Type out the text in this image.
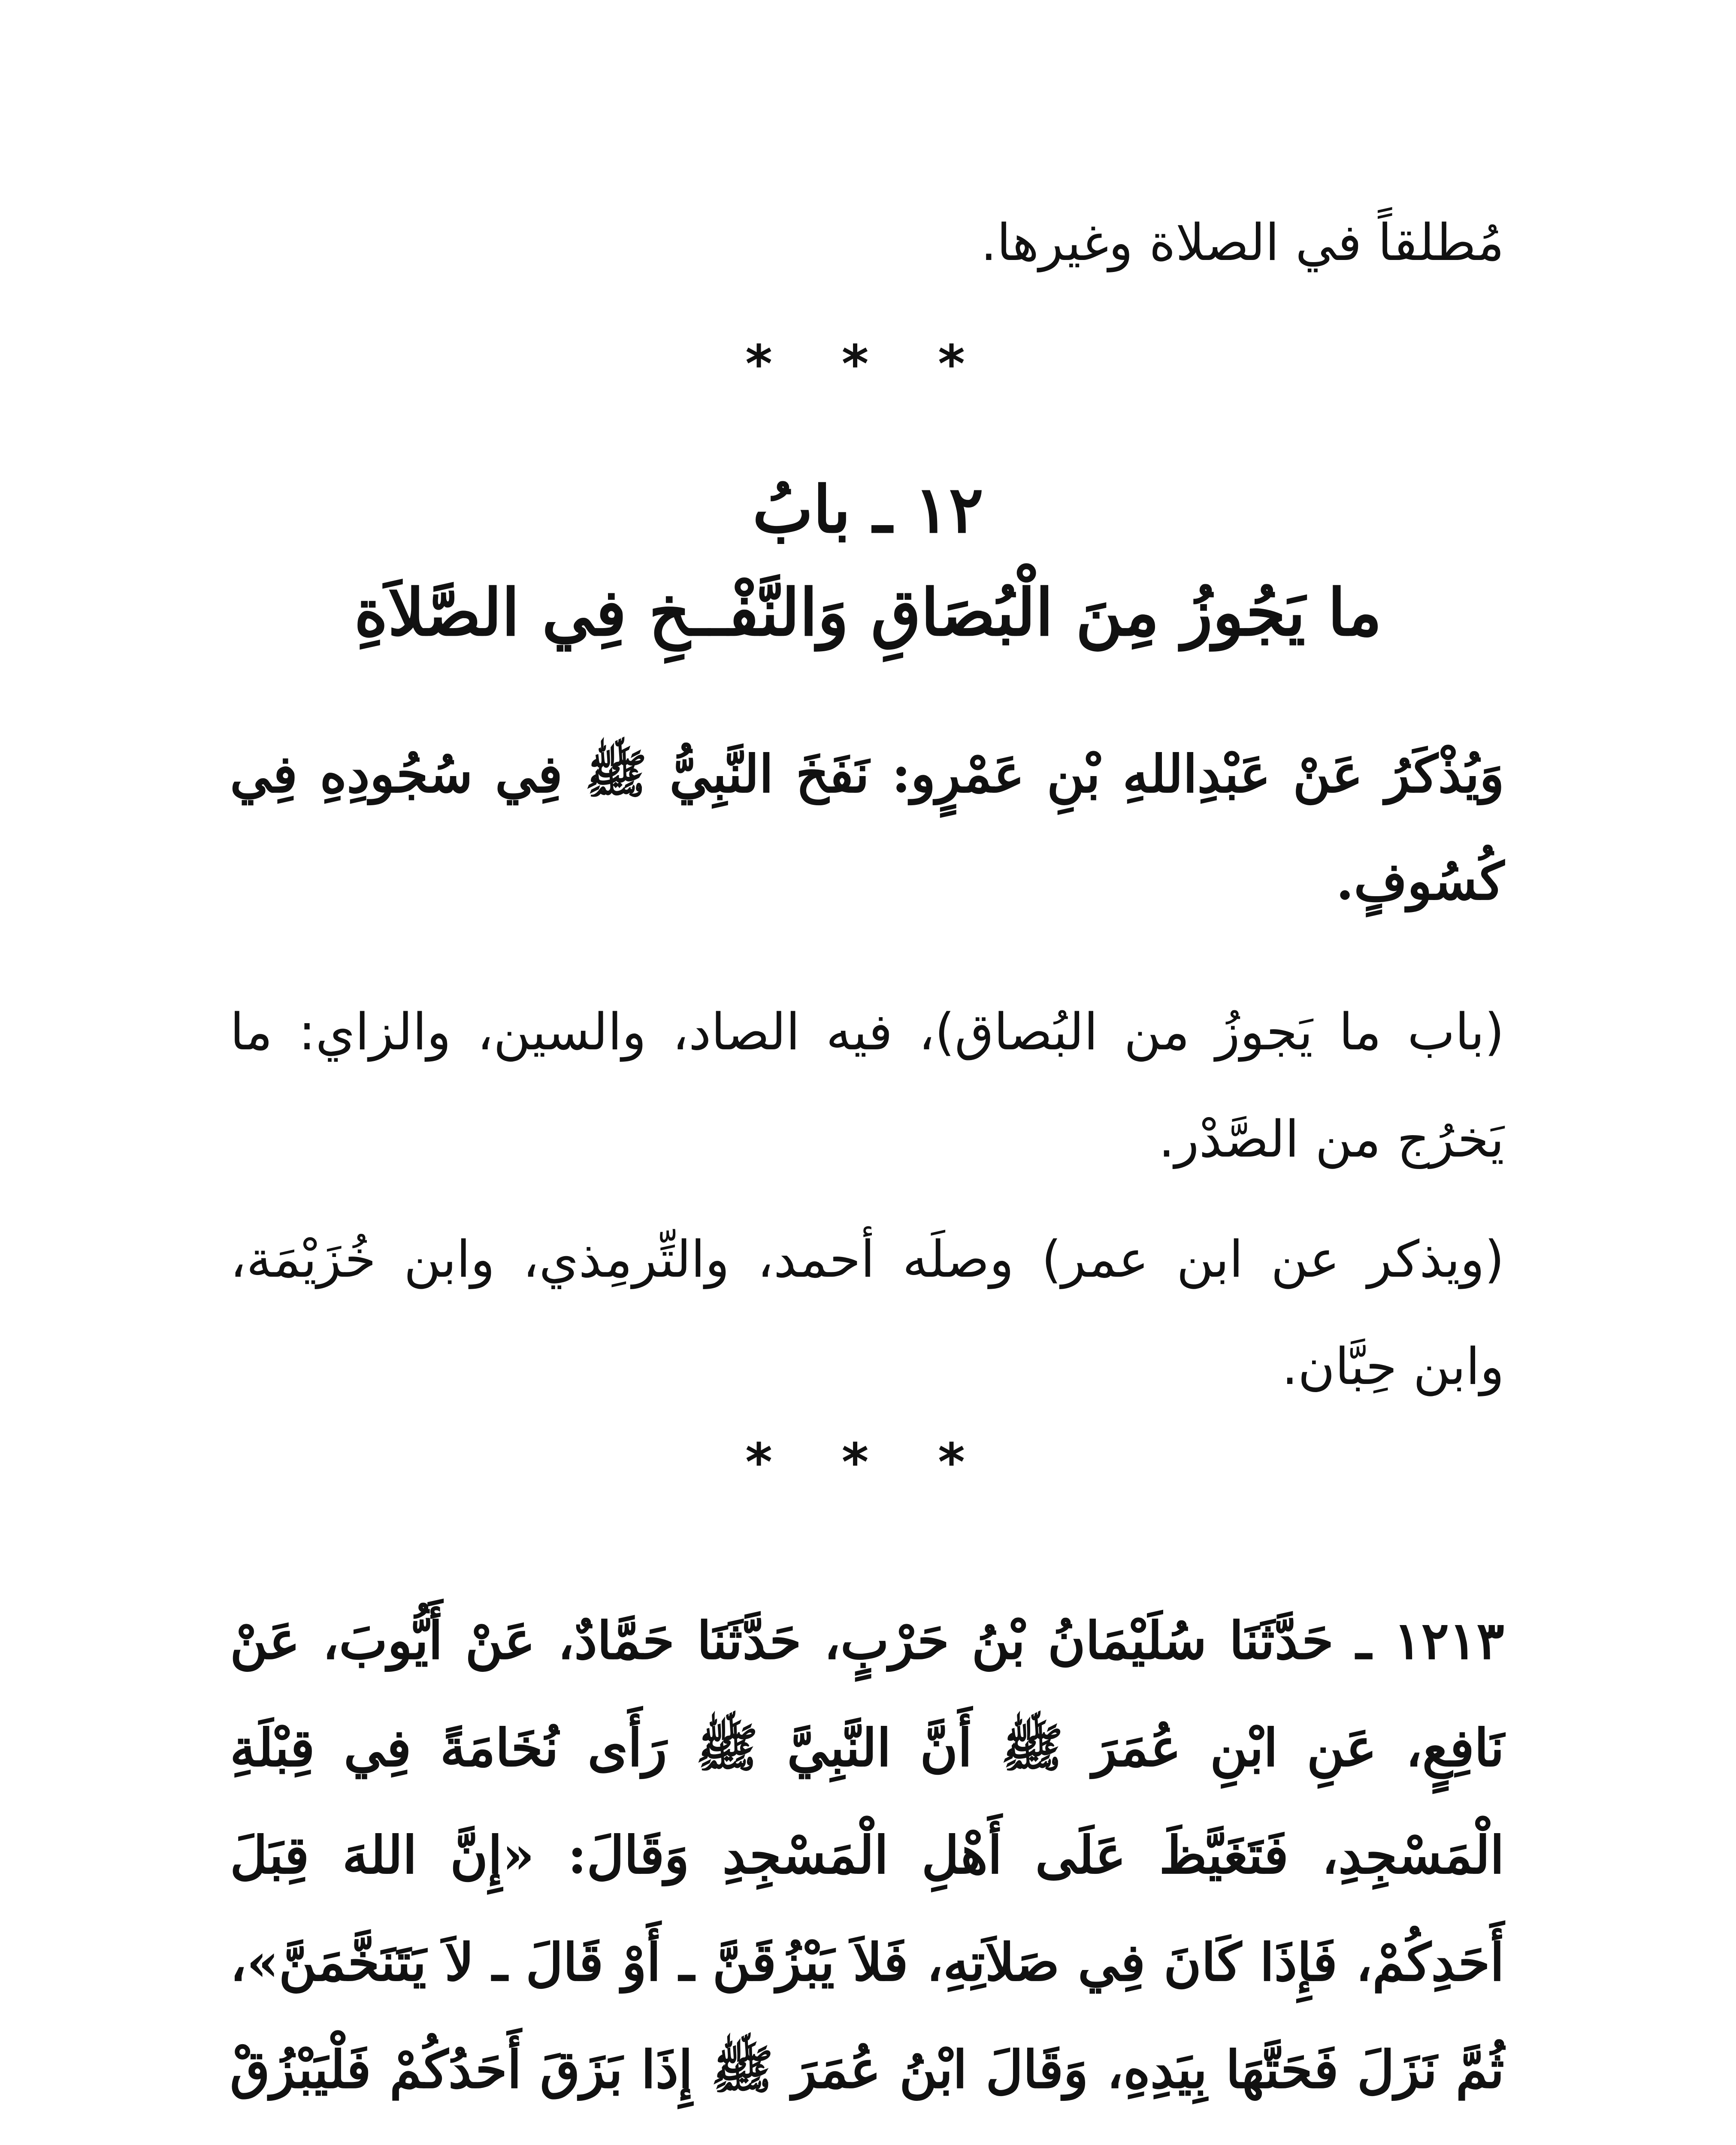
مُطلقاً في الصلاة وغيرها.
* * *
١٢ ـ بابُ
ما يَجُوزُ مِنَ الْبُصَاقِ وَالنَّفْــخِ فِي الصَّلاَةِ
وَيُذْكَرُ عَنْ عَبْدِاللهِ بْنِ عَمْرٍو: نَفَخَ النَّبِيُّ ﷺ فِي سُجُودِهِ فِي كُسُوفٍ.
(باب ما يَجوزُ من البُصاق)، فيه الصاد، والسين، والزاي: ما يَخرُج من الصَّدْر.
(ويذكر عن ابن عمر) وصلَه أحمد، والتِّرمِذي، وابن خُزَيْمَة، وابن حِبَّان.
* * *
١٢١٣ ـ حَدَّثَنَا سُلَيْمَانُ بْنُ حَرْبٍ، حَدَّثَنَا حَمَّادٌ، عَنْ أَيُّوبَ، عَنْ نَافِعٍ، عَنِ ابْنِ عُمَرَ ﷺ أَنَّ النَّبِيَّ ﷺ رَأَى نُخَامَةً فِي قِبْلَةِ الْمَسْجِدِ، فَتَغَيَّظَ عَلَى أَهْلِ الْمَسْجِدِ وَقَالَ: «إِنَّ اللهَ قِبَلَ أَحَدِكُمْ، فَإِذَا كَانَ فِي صَلاَتِهِ، فَلاَ يَبْزُقَنَّ ـ أَوْ قَالَ ـ لاَ يَتَنَخَّمَنَّ»، ثُمَّ نَزَلَ فَحَتَّهَا بِيَدِهِ، وَقَالَ ابْنُ عُمَرَ ﷺ إِذَا بَزَقَ أَحَدُكُمْ فَلْيَبْزُقْ
